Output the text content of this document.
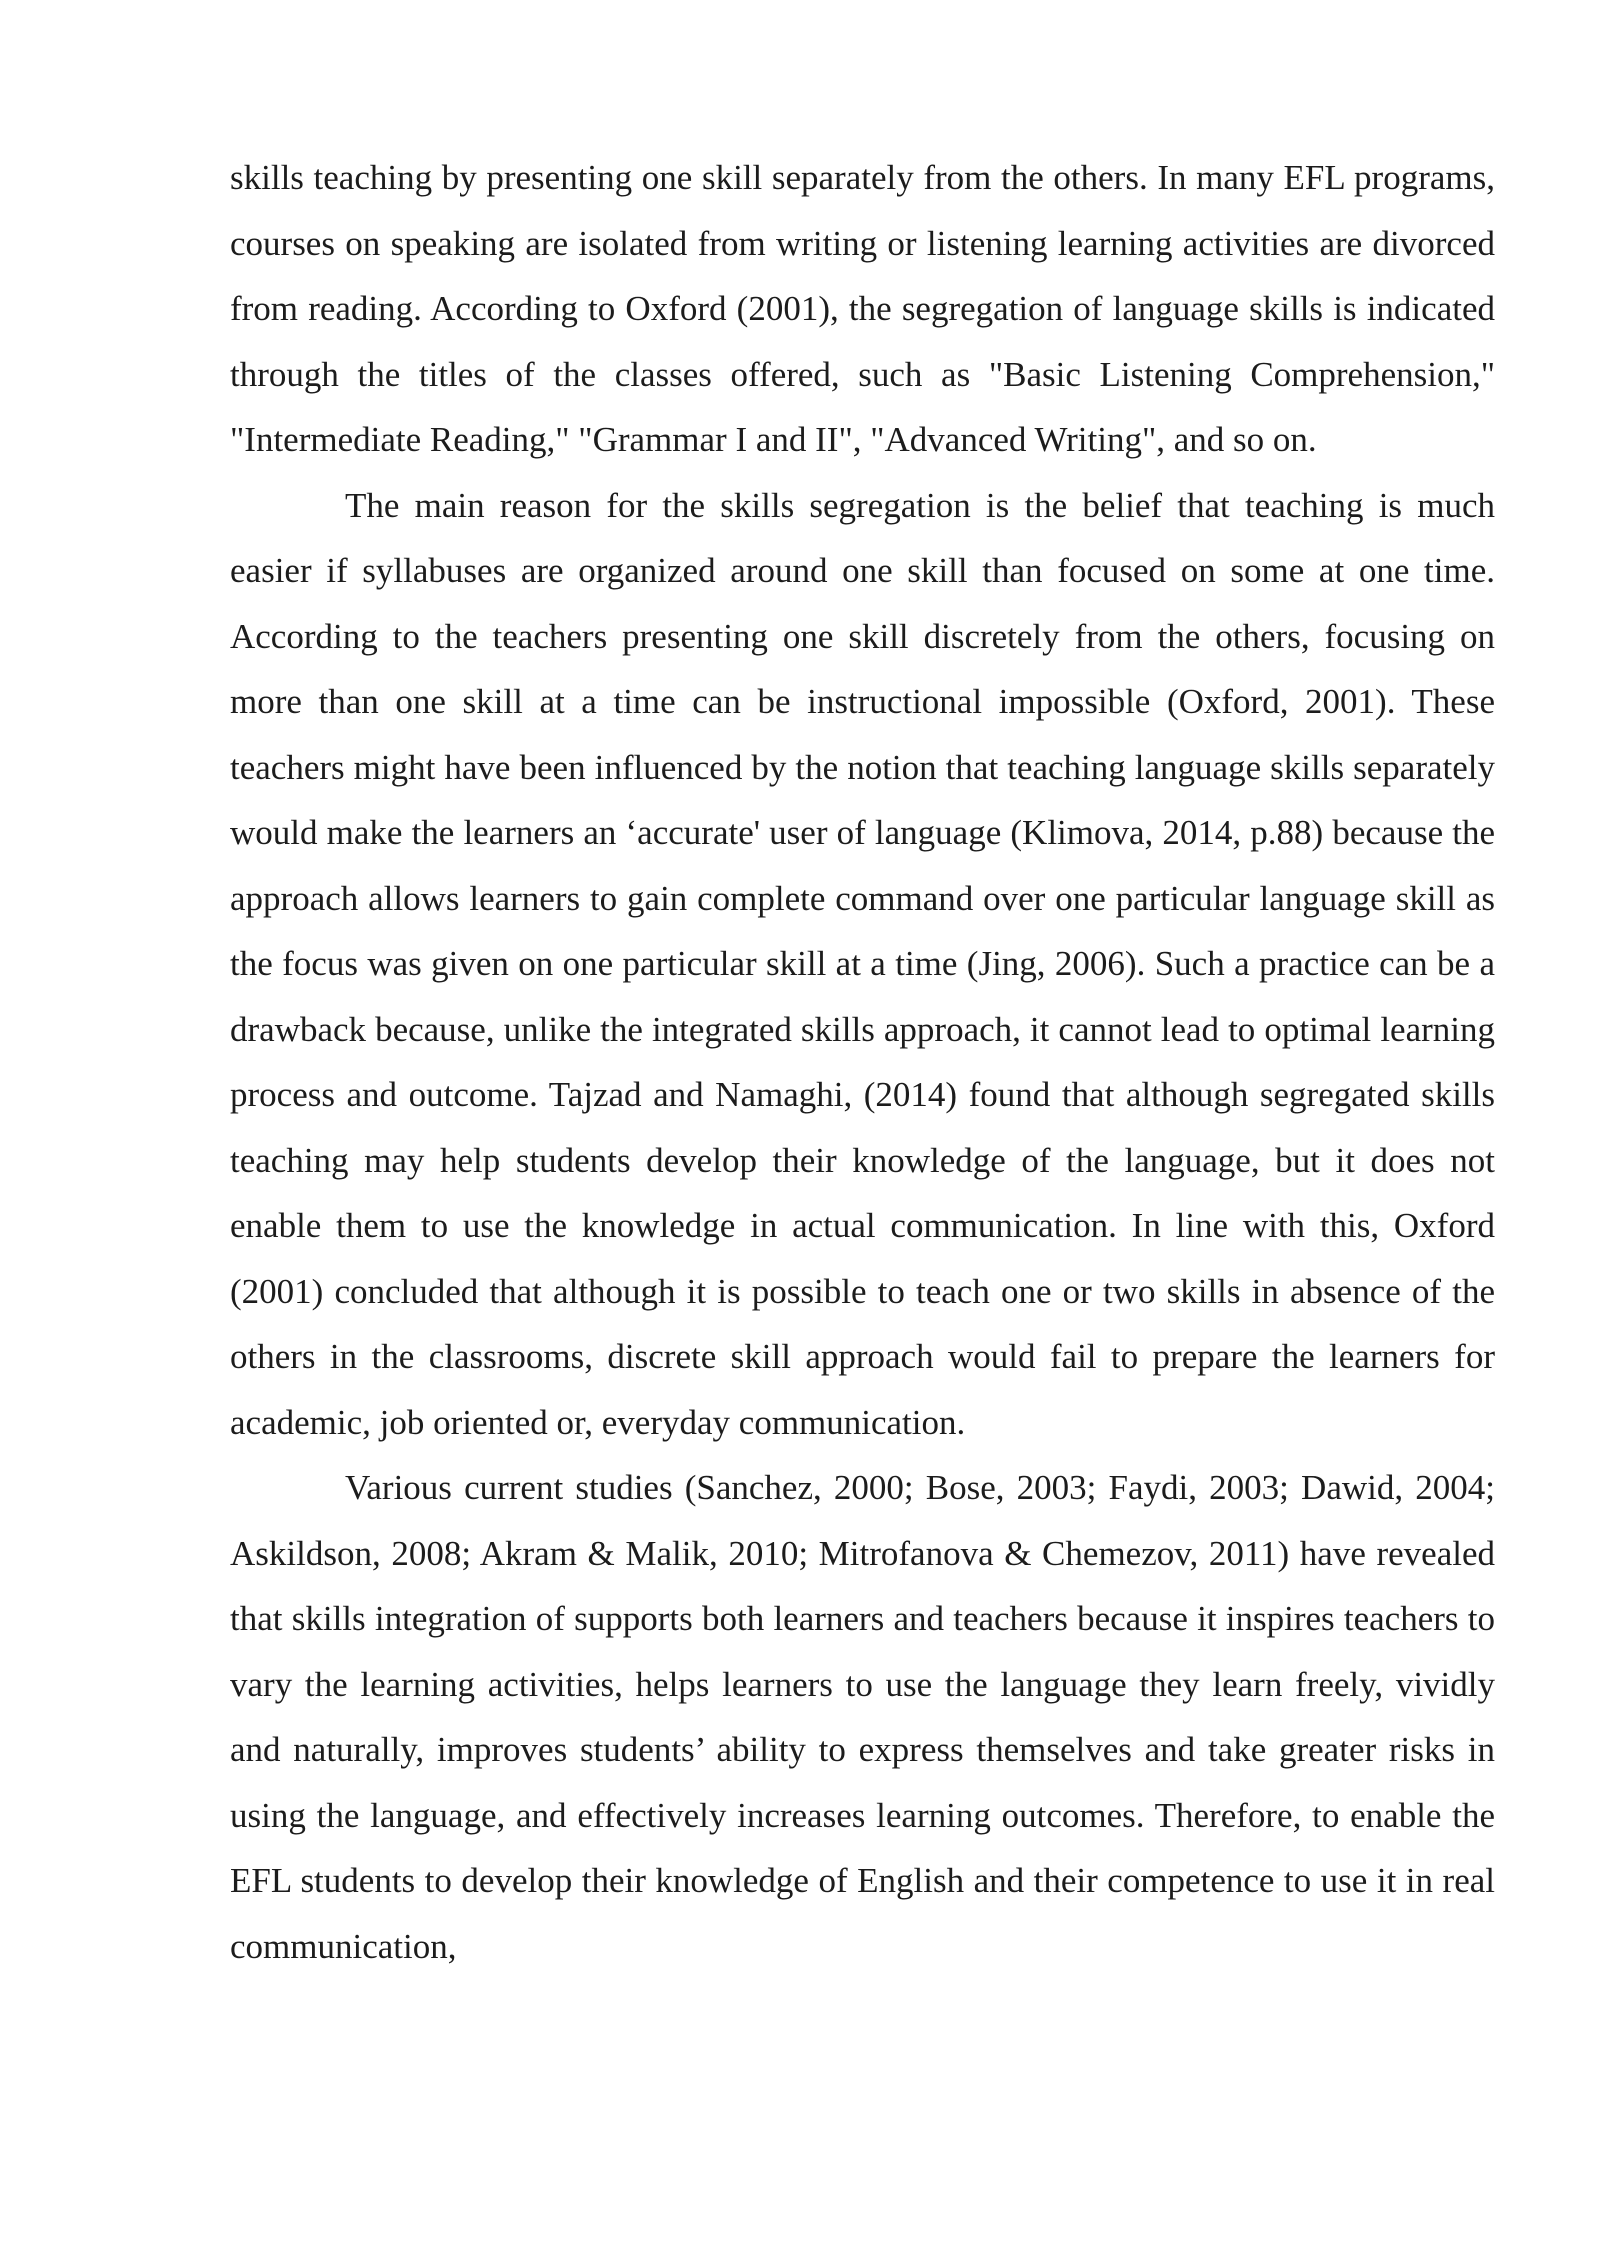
skills teaching by presenting one skill separately from the others. In many EFL programs, courses on speaking are isolated from writing or listening learning activities are divorced from reading. According to Oxford (2001), the segregation of language skills is indicated through the titles of the classes offered, such as "Basic Listening Comprehension," "Intermediate Reading," "Grammar I and II", "Advanced Writing", and so on.

The main reason for the skills segregation is the belief that teaching is much easier if syllabuses are organized around one skill than focused on some at one time. According to the teachers presenting one skill discretely from the others, focusing on more than one skill at a time can be instructional impossible (Oxford, 2001). These teachers might have been influenced by the notion that teaching language skills separately would make the learners an ‘accurate' user of language (Klimova, 2014, p.88) because the approach allows learners to gain complete command over one particular language skill as the focus was given on one particular skill at a time (Jing, 2006). Such a practice can be a drawback because, unlike the integrated skills approach, it cannot lead to optimal learning process and outcome. Tajzad and Namaghi, (2014) found that although segregated skills teaching may help students develop their knowledge of the language, but it does not enable them to use the knowledge in actual communication. In line with this, Oxford (2001) concluded that although it is possible to teach one or two skills in absence of the others in the classrooms, discrete skill approach would fail to prepare the learners for academic, job oriented or, everyday communication.

Various current studies (Sanchez, 2000; Bose, 2003; Faydi, 2003; Dawid, 2004; Askildson, 2008; Akram & Malik, 2010; Mitrofanova & Chemezov, 2011) have revealed that skills integration of supports both learners and teachers because it inspires teachers to vary the learning activities, helps learners to use the language they learn freely, vividly and naturally, improves students’ ability to express themselves and take greater risks in using the language, and effectively increases learning outcomes. Therefore, to enable the EFL students to develop their knowledge of English and their competence to use it in real communication,
